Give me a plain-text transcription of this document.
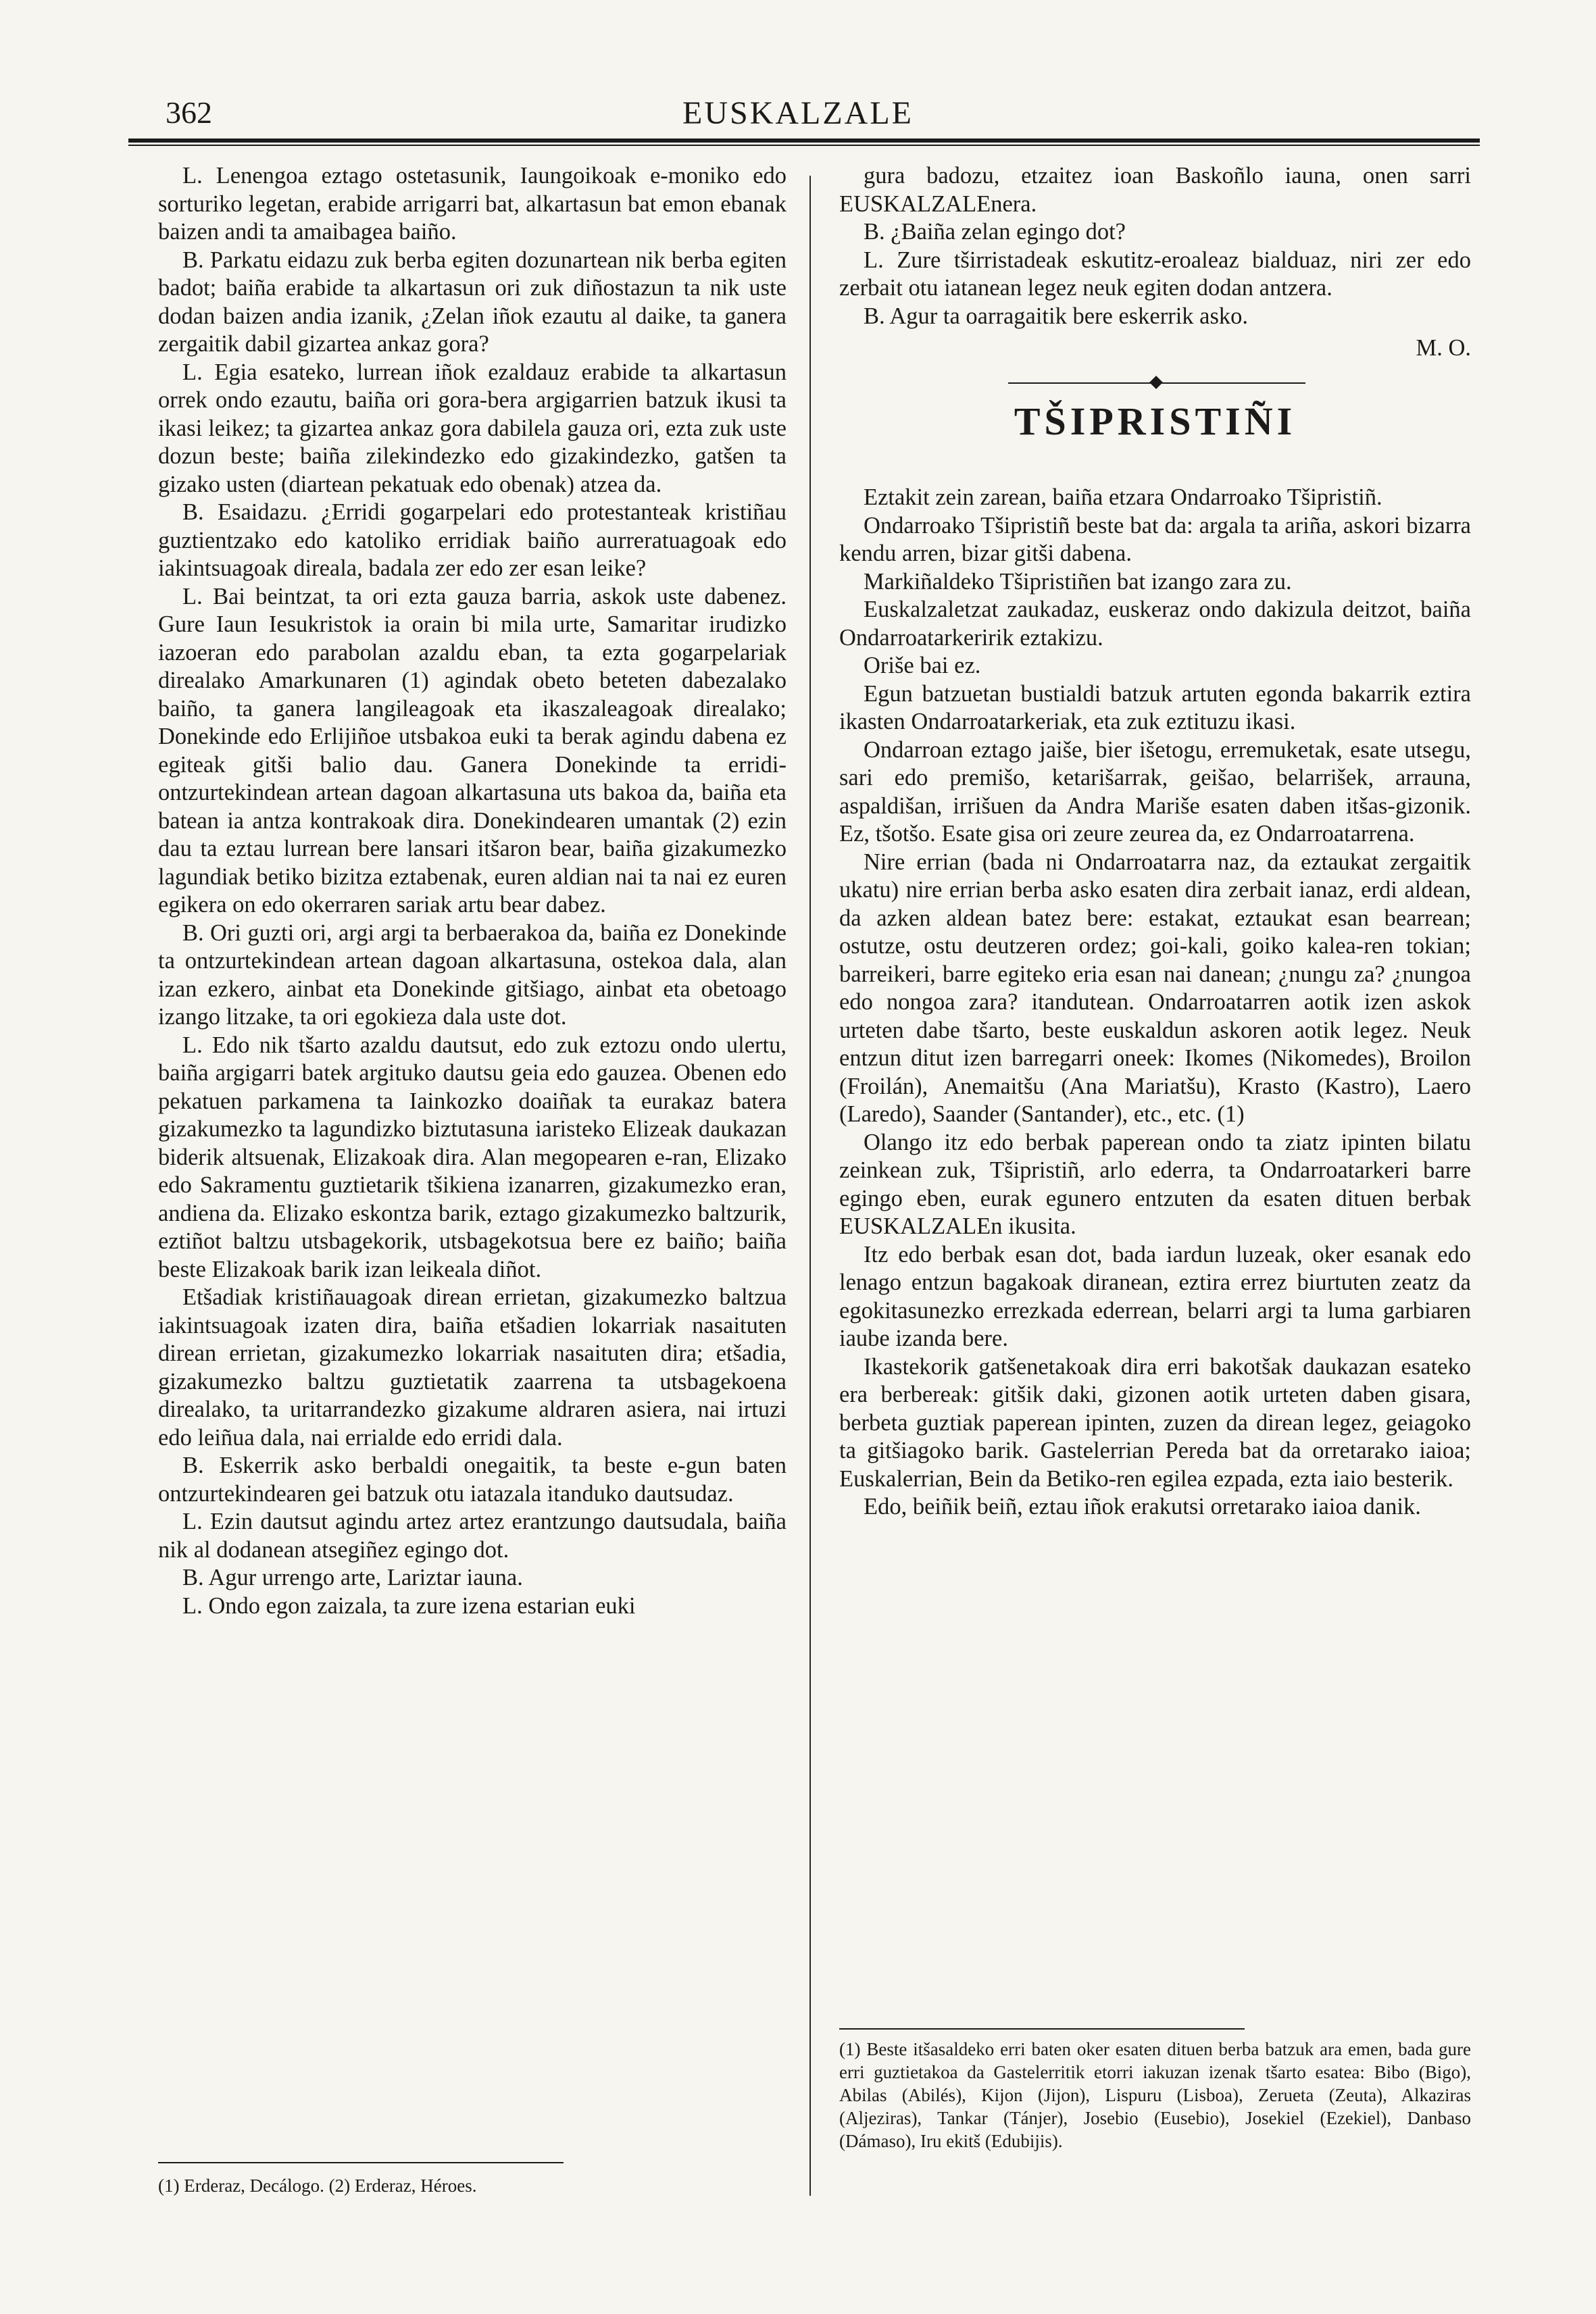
362	EUSKALZALE

L. Lenengoa eztago ostetasunik, Iaungoikoak e-moniko edo sorturiko legetan, erabide arrigarri bat, alkartasun bat emon ebanak baizen andi ta amaibagea baiño.

B. Parkatu eidazu zuk berba egiten dozunartean nik berba egiten badot; baiña erabide ta alkartasun ori zuk diñostazun ta nik uste dodan baizen andia izanik, ¿Zelan iñok ezautu al daike, ta ganera zergaitik dabil gizartea ankaz gora?

L. Egia esateko, lurrean iñok ezaldauz erabide ta alkartasun orrek ondo ezautu, baiña ori gora-bera argigarrien batzuk ikusi ta ikasi leikez; ta gizartea ankaz gora dabilela gauza ori, ezta zuk uste dozun beste; baiña zilekindezko edo gizakindezko, gatšen ta gizako usten (diartean pekatuak edo obenak) atzea da.

B. Esaidazu. ¿Erridi gogarpelari edo protestanteak kristiñau guztientzako edo katoliko erridiak baiño aurreratuagoak edo iakintsuagoak direala, badala zer edo zer esan leike?

L. Bai beintzat, ta ori ezta gauza barria, askok uste dabenez. Gure Iaun Iesukristok ia orain bi mila urte, Samaritar irudizko iazoeran edo parabolan azaldu eban, ta ezta gogarpelariak direalako Amarkunaren (1) agindak obeto beteten dabezalako baiño, ta ganera langileagoak eta ikaszaleagoak direalako; Donekinde edo Erlijiñoe utsbakoa euki ta berak agindu dabena ez egiteak gitši balio dau. Ganera Donekinde ta erridi-ontzurtekindean artean dagoan alkartasuna uts bakoa da, baiña eta batean ia antza kontrakoak dira. Donekindearen umantak (2) ezin dau ta eztau lurrean bere lansari itšaron bear, baiña gizakumezko lagundiak betiko bizitza eztabenak, euren aldian nai ta nai ez euren egikera on edo okerraren sariak artu bear dabez.

B. Ori guzti ori, argi argi ta berbaerakoa da, baiña ez Donekinde ta ontzurtekindean artean dagoan alkartasuna, ostekoa dala, alan izan ezkero, ainbat eta Donekinde gitšiago, ainbat eta obetoago izango litzake, ta ori egokieza dala uste dot.

L. Edo nik tšarto azaldu dautsut, edo zuk eztozu ondo ulertu, baiña argigarri batek argituko dautsu geia edo gauzea. Obenen edo pekatuen parkamena ta Iainkozko doaiñak ta eurakaz batera gizakumezko ta lagundizko biztutasuna iaristeko Elizeak daukazan biderik altsuenak, Elizakoak dira. Alan megopearen e-ran, Elizako edo Sakramentu guztietarik tšikiena izanarren, gizakumezko eran, andiena da. Elizako eskontza barik, eztago gizakumezko baltzurik, eztiñot baltzu utsbagekorik, utsbagekotsua bere ez baiño; baiña beste Elizakoak barik izan leikeala diñot.

Etšadiak kristiñauagoak direan errietan, gizakumezko baltzua iakintsuagoak izaten dira, baiña etšadien lokarriak nasaituten direan errietan, gizakumezko lokarriak nasaituten dira; etšadia, gizakumezko baltzu guztietatik zaarrena ta utsbagekoena direalako, ta uritarrandezko gizakume aldraren asiera, nai irtuzi edo leiñua dala, nai errialde edo erridi dala.

B. Eskerrik asko berbaldi onegaitik, ta beste e-gun baten ontzurtekindearen gei batzuk otu iatazala itanduko dautsudaz.

L. Ezin dautsut agindu artez artez erantzungo dautsudala, baiña nik al dodanean atsegiñez egingo dot.

B. Agur urrengo arte, Lariztar iauna.

L. Ondo egon zaizala, ta zure izena estarian euki

gura badozu, etzaitez ioan Baskoñlo iauna, onen sarri EUSKALZALEnera.

B. ¿Baiña zelan egingo dot?

L. Zure tširristadeak eskutitz-eroaleaz bialduaz, niri zer edo zerbait otu iatanean legez neuk egiten dodan antzera.

B. Agur ta oarragaitik bere eskerrik asko.

M. O.
TŠIPRISTIÑI

Eztakit zein zarean, baiña etzara Ondarroako Tšipristiñ.

Ondarroako Tšipristiñ beste bat da: argala ta ariña, askori bizarra kendu arren, bizar gitši dabena.

Markiñaldeko Tšipristiñen bat izango zara zu.

Euskalzaletzat zaukadaz, euskeraz ondo dakizula deitzot, baiña Ondarroatarkeririk eztakizu.

Oriše bai ez.

Egun batzuetan bustialdi batzuk artuten egonda bakarrik eztira ikasten Ondarroatarkeriak, eta zuk eztituzu ikasi.

Ondarroan eztago jaiše, bier išetogu, erremuketak, esate utsegu, sari edo premišo, ketarišarrak, geišao, belarrišek, arrauna, aspaldišan, irrišuen da Andra Mariše esaten daben itšas-gizonik. Ez, tšotšo. Esate gisa ori zeure zeurea da, ez Ondarroatarrena.

Nire errian (bada ni Ondarroatarra naz, da eztaukat zergaitik ukatu) nire errian berba asko esaten dira zerbait ianaz, erdi aldean, da azken aldean batez bere: estakat, eztaukat esan bearrean; ostutze, ostu deutzeren ordez; goi-kali, goiko kalea-ren tokian; barreikeri, barre egiteko eria esan nai danean; ¿nungu za? ¿nungoa edo nongoa zara? itandutean. Ondarroatarren aotik izen askok urteten dabe tšarto, beste euskaldun askoren aotik legez. Neuk entzun ditut izen barregarri oneek: Ikomes (Nikomedes), Broilon (Froilán), Anemaitšu (Ana Mariatšu), Krasto (Kastro), Laero (Laredo), Saander (Santander), etc., etc. (1)

Olango itz edo berbak paperean ondo ta ziatz ipinten bilatu zeinkean zuk, Tšipristiñ, arlo ederra, ta Ondarroatarkeri barre egingo eben, eurak egunero entzuten da esaten dituen berbak EUSKALZALEn ikusita.

Itz edo berbak esan dot, bada iardun luzeak, oker esanak edo lenago entzun bagakoak diranean, eztira errez biurtuten zeatz da egokitasunezko errezkada ederrean, belarri argi ta luma garbiaren iaube izanda bere.

Ikastekorik gatšenetakoak dira erri bakotšak daukazan esateko era berbereak: gitšik daki, gizonen aotik urteten daben gisara, berbeta guztiak paperean ipinten, zuzen da direan legez, geiagoko ta gitšiagoko barik. Gastelerrian Pereda bat da orretarako iaioa; Euskalerrian, Bein da Betiko-ren egilea ezpada, ezta iaio besterik.

Edo, beiñik beiñ, eztau iñok erakutsi orretarako iaioa danik.

(1) Beste itšasaldeko erri baten oker esaten dituen berba batzuk ara emen, bada gure erri guztietakoa da Gastelerritik etorri iakuzan izenak tšarto esatea: Bibo (Bigo), Abilas (Abilés), Kijon (Jijon), Lispuru (Lisboa), Zerueta (Zeuta), Alkaziras (Aljeziras), Tankar (Tánjer), Josebio (Eusebio), Josekiel (Ezekiel), Danbaso (Dámaso), Iru ekitš (Edubijis).
(1) Erderaz, Decálogo. (2) Erderaz, Héroes.
